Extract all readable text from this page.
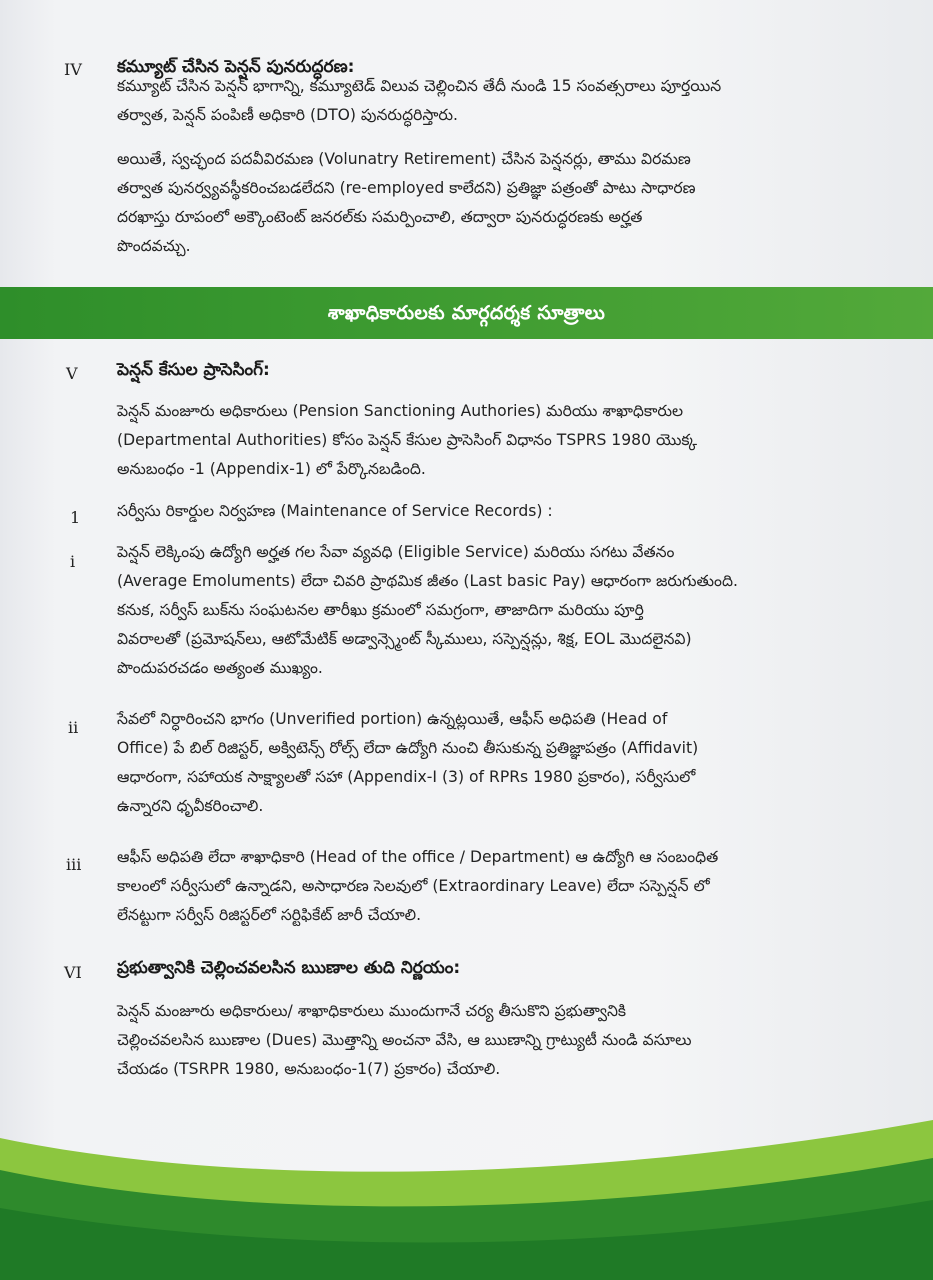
IV కమ్యూట్ చేసిన పెన్షన్ పునరుద్ధరణ:
కమ్యూట్ చేసిన పెన్షన్ భాగాన్ని, కమ్యూటెడ్ విలువ చెల్లించిన తేదీ నుండి 15 సంవత్సరాలు పూర్తయిన
తర్వాత, పెన్షన్ పంపిణీ అధికారి (DTO) పునరుద్ధరిస్తారు.
అయితే, స్వచ్ఛంద పదవీవిరమణ (Volunatry Retirement) చేసిన పెన్షనర్లు, తాము విరమణ
తర్వాత పునర్వ్యవస్థీకరించబడలేదని (re-employed కాలేదని) ప్రతిజ్ఞా పత్రంతో పాటు సాధారణ
దరఖాస్తు రూపంలో అక్కౌంటెంట్ జనరల్‌కు సమర్పించాలి, తద్వారా పునరుద్ధరణకు అర్హత
పొందవచ్చు.
శాఖాధికారులకు మార్గదర్శక సూత్రాలు
V పెన్షన్ కేసుల ప్రాసెసింగ్:
పెన్షన్ మంజూరు అధికారులు (Pension Sanctioning Authories) మరియు శాఖాధికారుల
(Departmental Authorities) కోసం పెన్షన్ కేసుల ప్రాసెసింగ్ విధానం TSPRS 1980 యొక్క
అనుబంధం -1 (Appendix-1) లో పేర్కొనబడింది.
1 సర్వీసు రికార్డుల నిర్వహణ (Maintenance of Service Records) :
i	పెన్షన్ లెక్కింపు ఉద్యోగి అర్హత గల సేవా వ్యవధి (Eligible Service) మరియు సగటు వేతనం
(Average Emoluments) లేదా చివరి ప్రాథమిక జీతం (Last basic Pay) ఆధారంగా జరుగుతుంది.
కనుక, సర్వీస్ బుక్‌ను సంఘటనల తారీఖు క్రమంలో సమగ్రంగా, తాజాదిగా మరియు పూర్తి
వివరాలతో (ప్రమోషన్‌లు, ఆటోమేటిక్ అడ్వాన్స్మెంట్ స్కీములు, సస్పెన్షన్లు, శిక్ష, EOL మొదలైనవి)
పొందుపరచడం అత్యంత ముఖ్యం.
ii సేవలో నిర్ధారించని భాగం (Unverified portion) ఉన్నట్లయితే, ఆఫీస్ అధిపతి (Head of
Office) పే బిల్ రిజిస్టర్, అక్విటెన్స్ రోల్స్ లేదా ఉద్యోగి నుంచి తీసుకున్న ప్రతిజ్ఞాపత్రం (Affidavit)
ఆధారంగా, సహాయక సాక్ష్యాలతో సహా (Appendix-I (3) of RPRs 1980 ప్రకారం), సర్వీసులో
ఉన్నారని ధృవీకరించాలి.
iii ఆఫీస్ అధిపతి లేదా శాఖాధికారి (Head of the office / Department) ఆ ఉద్యోగి ఆ సంబంధిత
కాలంలో సర్వీసులో ఉన్నాడని, అసాధారణ సెలవులో (Extraordinary Leave) లేదా సస్పెన్షన్ లో
లేనట్టుగా సర్వీస్ రిజిస్టర్‌లో సర్టిఫికేట్ జారీ చేయాలి.
VI ప్రభుత్వానికి చెల్లించవలసిన ఋణాల తుది నిర్ణయం:
పెన్షన్ మంజూరు అధికారులు/ శాఖాధికారులు ముందుగానే చర్య తీసుకొని ప్రభుత్వానికి
చెల్లించవలసిన ఋణాల (Dues) మొత్తాన్ని అంచనా వేసి, ఆ ఋణాన్ని గ్రాట్యుటీ నుండి వసూలు
చేయడం (TSRPR 1980, అనుబంధం-1(7) ప్రకారం) చేయాలి.
